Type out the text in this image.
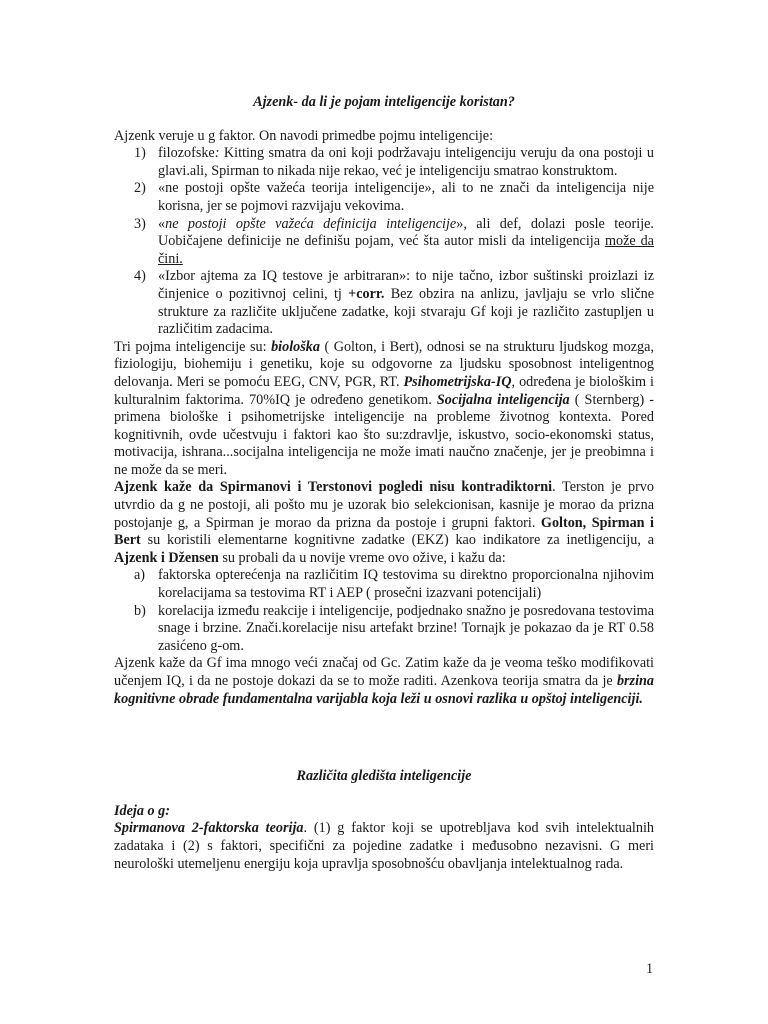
Ajzenk- da li je pojam inteligencije koristan?

Ajzenk veruje u g faktor. On navodi primedbe pojmu inteligencije:

1) filozofske: Kitting smatra da oni koji podržavaju inteligenciju veruju da ona postoji u glavi.ali, Spirman to nikada nije rekao, već je inteligenciju smatrao konstruktom.
2) «ne postoji opšte važeća teorija inteligencije», ali to ne znači da inteligencija nije korisna, jer se pojmovi razvijaju vekovima.
3) «ne postoji opšte važeća definicija inteligencije», ali def, dolazi posle teorije. Uobičajene definicije ne definišu pojam, već šta autor misli da inteligencija može da čini.
4) «Izbor ajtema za IQ testove je arbitraran»: to nije tačno, izbor suštinski proizlazi iz činjenice o pozitivnoj celini, tj +corr. Bez obzira na anlizu, javljaju se vrlo slične strukture za različite uključene zadatke, koji stvaraju Gf koji je različito zastupljen u različitim zadacima.

Tri pojma inteligencije su: biološka ( Golton, i Bert), odnosi se na strukturu ljudskog mozga, fiziologiju, biohemiju i genetiku, koje su odgovorne za ljudsku sposobnost inteligentnog delovanja. Meri se pomoću EEG, CNV, PGR, RT. Psihometrijska-IQ, određena je biološkim i kulturalnim faktorima. 70%IQ je određeno genetikom. Socijalna inteligencija ( Sternberg) -primena biološke i psihometrijske inteligencije na probleme životnog kontexta. Pored kognitivnih, ovde učestvuju i faktori kao što su:zdravlje, iskustvo, socio-ekonomski status, motivacija, ishrana...socijalna inteligencija ne može imati naučno značenje, jer je preobimna i ne može da se meri.

Ajzenk kaže da Spirmanovi i Terstonovi pogledi nisu kontradiktorni. Terston je prvo utvrdio da g ne postoji, ali pošto mu je uzorak bio selekcionisan, kasnije je morao da prizna postojanje g, a Spirman je morao da prizna da postoje i grupni faktori. Golton, Spirman i Bert su koristili elementarne kognitivne zadatke (EKZ) kao indikatore za inetligenciju, a Ajzenk i Džensen su probali da u novije vreme ovo ožive, i kažu da:

a) faktorska opterećenja na različitim IQ testovima su direktno proporcionalna njihovim korelacijama sa testovima RT i AEP ( prosečni izazvani potencijali)
b) korelacija između reakcije i inteligencije, podjednako snažno je posredovana testovima snage i brzine. Znači.korelacije nisu artefakt brzine! Tornajk je pokazao da je RT 0.58 zasićeno g-om.

Ajzenk kaže da Gf ima mnogo veći značaj od Gc. Zatim kaže da je veoma teško modifikovati učenjem IQ, i da ne postoje dokazi da se to može raditi. Azenkova teorija smatra da je brzina kognitivne obrade fundamentalna varijabla koja leži u osnovi razlika u opštoj inteligenciji.

Različita gledišta inteligencije

Ideja o g:

Spirmanova 2-faktorska teorija. (1) g faktor koji se upotrebljava kod svih intelektualnih zadataka i (2) s faktori, specifični za pojedine zadatke i međusobno nezavisni. G meri neurološki utemeljenu energiju koja upravlja sposobnošću obavljanja intelektualnog rada.

1
